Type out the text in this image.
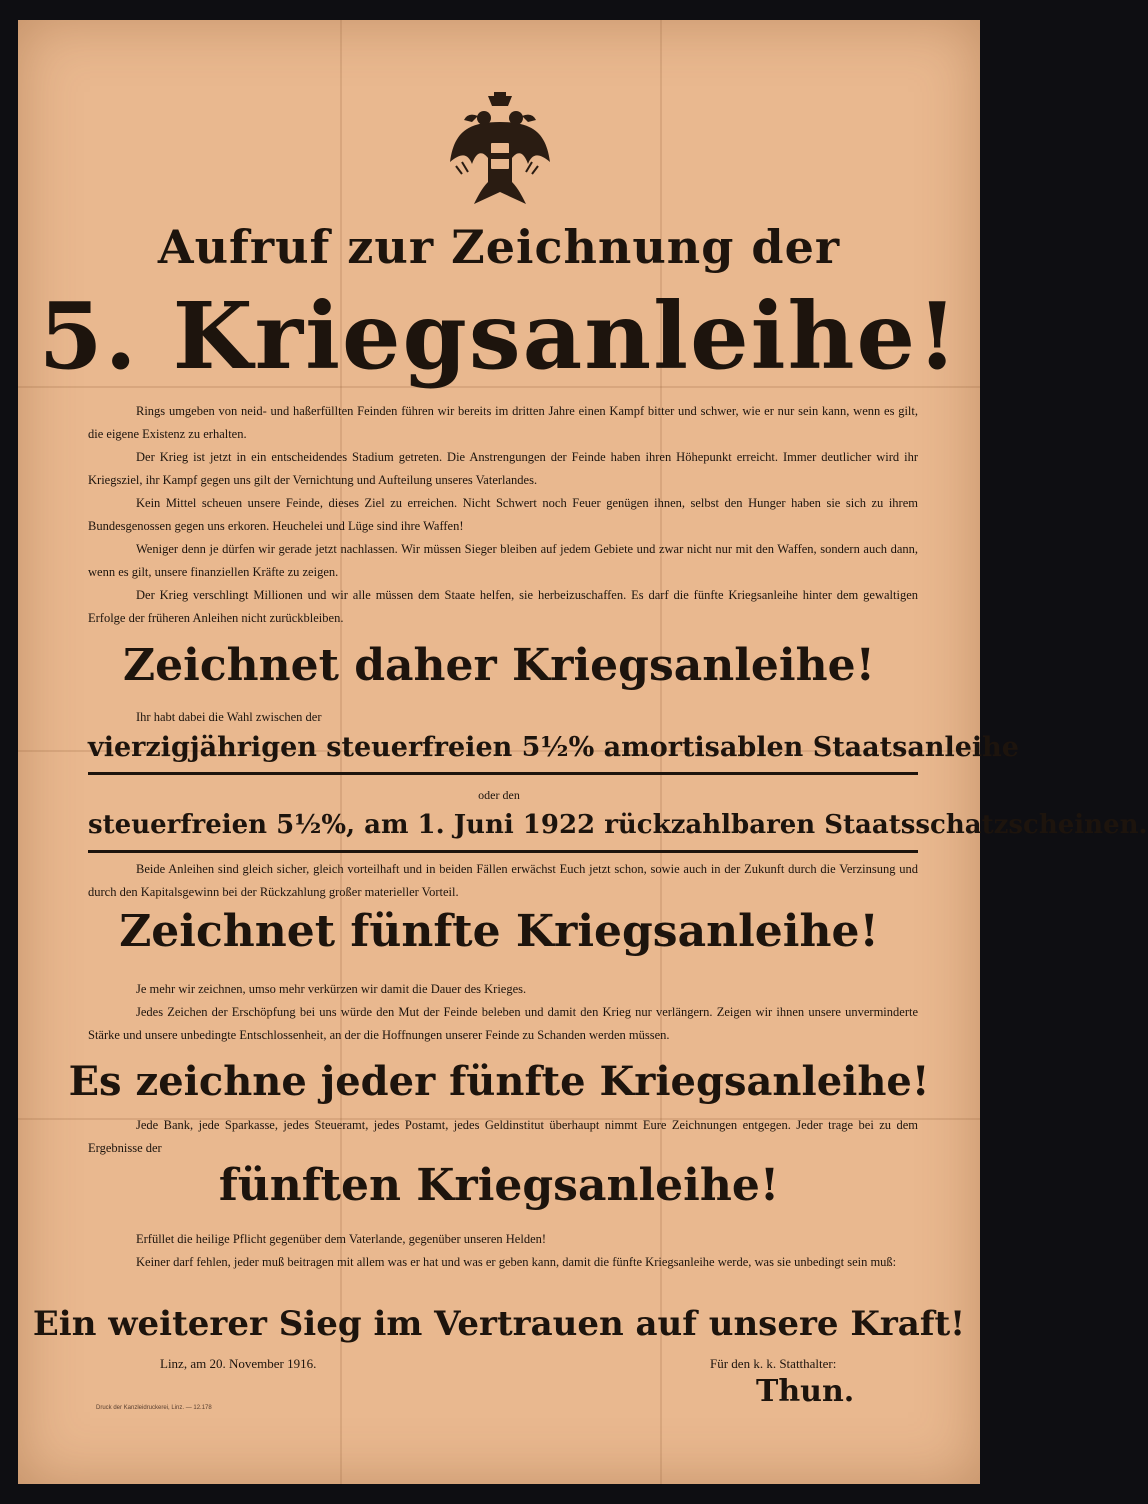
Aufruf zur Zeichnung der
5. Kriegsanleihe!

Rings umgeben von neid- und haßerfüllten Feinden führen wir bereits im dritten Jahre einen Kampf bitter und schwer, wie er nur sein kann, wenn es gilt, die eigene Existenz zu erhalten.

Der Krieg ist jetzt in ein entscheidendes Stadium getreten. Die Anstrengungen der Feinde haben ihren Höhepunkt erreicht. Immer deutlicher wird ihr Kriegsziel, ihr Kampf gegen uns gilt der Vernichtung und Aufteilung unseres Vaterlandes.

Kein Mittel scheuen unsere Feinde, dieses Ziel zu erreichen. Nicht Schwert noch Feuer genügen ihnen, selbst den Hunger haben sie sich zu ihrem Bundesgenossen gegen uns erkoren. Heuchelei und Lüge sind ihre Waffen!

Weniger denn je dürfen wir gerade jetzt nachlassen. Wir müssen Sieger bleiben auf jedem Gebiete und zwar nicht nur mit den Waffen, sondern auch dann, wenn es gilt, unsere finanziellen Kräfte zu zeigen.

Der Krieg verschlingt Millionen und wir alle müssen dem Staate helfen, sie herbeizuschaffen. Es darf die fünfte Kriegsanleihe hinter dem gewaltigen Erfolge der früheren Anleihen nicht zurückbleiben.

Zeichnet daher Kriegsanleihe!
Ihr habt dabei die Wahl zwischen der
vierzigjährigen steuerfreien 5½% amortisablen Staatsanleihe
oder den
steuerfreien 5½%, am 1. Juni 1922 rückzahlbaren Staatsschatzscheinen.

Beide Anleihen sind gleich sicher, gleich vorteilhaft und in beiden Fällen erwächst Euch jetzt schon, sowie auch in der Zukunft durch die Verzinsung und durch den Kapitalsgewinn bei der Rückzahlung großer materieller Vorteil.

Zeichnet fünfte Kriegsanleihe!

Je mehr wir zeichnen, umso mehr verkürzen wir damit die Dauer des Krieges.

Jedes Zeichen der Erschöpfung bei uns würde den Mut der Feinde beleben und damit den Krieg nur verlängern. Zeigen wir ihnen unsere unverminderte Stärke und unsere unbedingte Entschlossenheit, an der die Hoffnungen unserer Feinde zu Schanden werden müssen.

Es zeichne jeder fünfte Kriegsanleihe!

Jede Bank, jede Sparkasse, jedes Steueramt, jedes Postamt, jedes Geldinstitut überhaupt nimmt Eure Zeichnungen entgegen. Jeder trage bei zu dem Ergebnisse der

fünften Kriegsanleihe!

Erfüllet die heilige Pflicht gegenüber dem Vaterlande, gegenüber unseren Helden!

Keiner darf fehlen, jeder muß beitragen mit allem was er hat und was er geben kann, damit die fünfte Kriegsanleihe werde, was sie unbedingt sein muß:

Ein weiterer Sieg im Vertrauen auf unsere Kraft!
Linz, am 20. November 1916.	Für den k. k. Statthalter:
Thun.
Druck der Kanzleidruckerei, Linz. — 12.178
